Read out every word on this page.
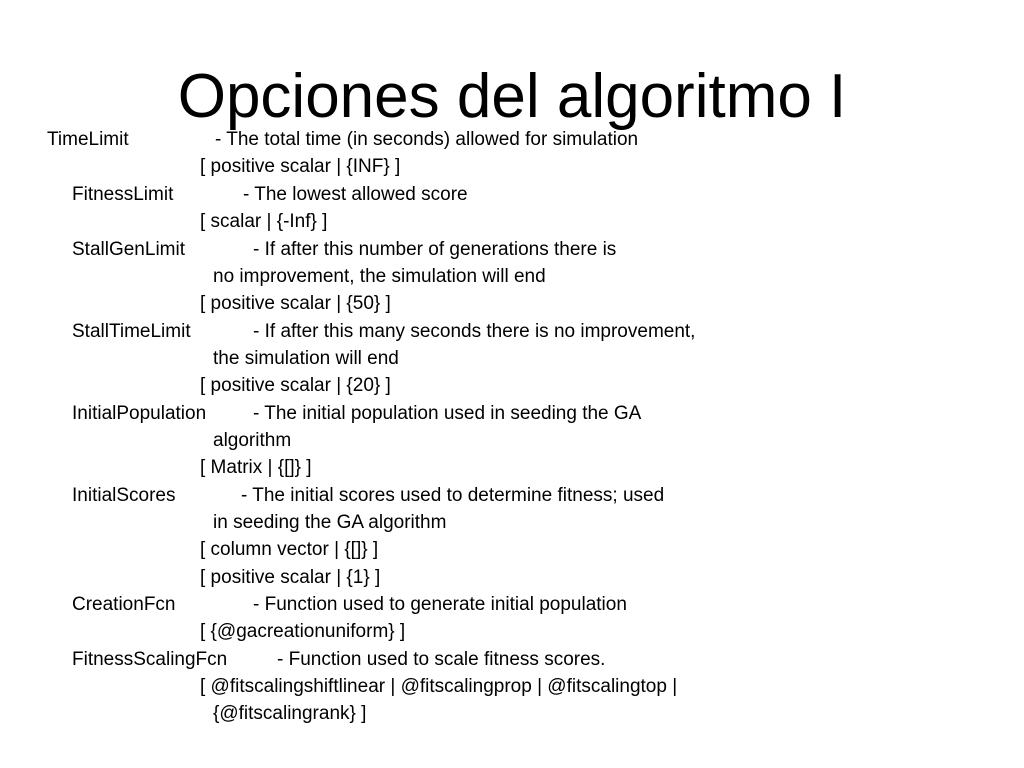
Opciones del algoritmo I
TimeLimit	- The total time (in seconds) allowed for simulation
[ positive scalar | {INF} ]
FitnessLimit	- The lowest allowed score
[ scalar | {-Inf} ]
StallGenLimit	- If after this number of generations there is
no improvement, the simulation will end
[ positive scalar | {50} ]
StallTimeLimit	- If after this many seconds there is no improvement,
the simulation will end
[ positive scalar | {20} ]
InitialPopulation - The initial population used in seeding the GA
algorithm
[ Matrix | {[]} ]
InitialScores	- The initial scores used to determine fitness; used
in seeding the GA algorithm
[ column vector | {[]} ]
[ positive scalar | {1} ]
CreationFcn	- Function used to generate initial population
[ {@gacreationuniform} ]
FitnessScalingFcn	- Function used to scale fitness scores.
[ @fitscalingshiftlinear | @fitscalingprop | @fitscalingtop |
{@fitscalingrank} ]
